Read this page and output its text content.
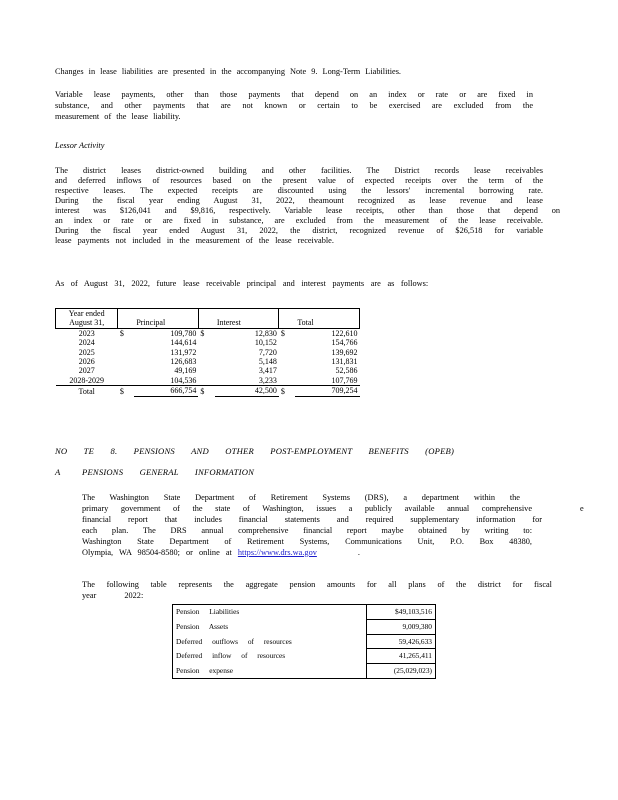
Changes in lease liabilities are presented in the accompanying Note 9. Long-Term Liabilities.

Variable lease payments, other than those payments that depend on an index or rate or are fixed in

substance, and other payments that are not known or certain to be exercised are excluded from the

measurement of the lease liability.

Lessor Activity

The district leases district-owned building and other facilities. The District records lease receivables

and deferred inflows of resources based on the present value of expected receipts over the term of the

respective leases. The expected receipts are discounted using the lessors' incremental borrowing rate.

During the fiscal year ending August 31, 2022, theamount recognized as lease revenue and lease

interest was $126,041 and $9,816, respectively. Variable lease receipts, other than those that depend on

an index or rate or are fixed in substance, are excluded from the measurement of the lease receivable.

During the fiscal year ended August 31, 2022, the district, recognized revenue of $26,518 for variable

lease payments not included in the measurement of the lease receivable.

As of August 31, 2022, future lease receivable principal and interest payments are as follows:

Year ended
August 31,		Principal		Interest		Total
2023	$	109,780	$	12,830	$	122,610
2024		144,614		10,152		154,766
2025		131,972		7,720		139,692
2026		126,683		5,148		131,831
2027		49,169		3,417		52,586
2028-2029		104,536		3,233		107,769
Total	$	666,754	$	42,500	$	709,254

NO TE 8. PENSIONS AND OTHER POST-EMPLOYMENT BENEFITS (OPEB)

A	PENSIONS GENERAL INFORMATION

The Washington State Department of Retirement Systems (DRS), a department within the

primary government of the state of Washington, issues a publicly available annual comprehensive	e

financial report that includes financial statements and required supplementary information for

each plan. The DRS annual comprehensive financial report maybe obtained by writing to:

Washington State Department of Retirement Systems, Communications Unit, P.O. Box 48380,

Olympia, WA 98504-8580; or online at https://www.drs.wa.gov	.

The following table represents the aggregate pension amounts for all plans of the district for fiscal

year 2022:

Pension Liabilities	$49,103,516
Pension Assets	9,009,380
Deferred outflows of resources	59,426,633
Deferred inflow of resources	41,265,411
Pension expense	(25,029,023)
